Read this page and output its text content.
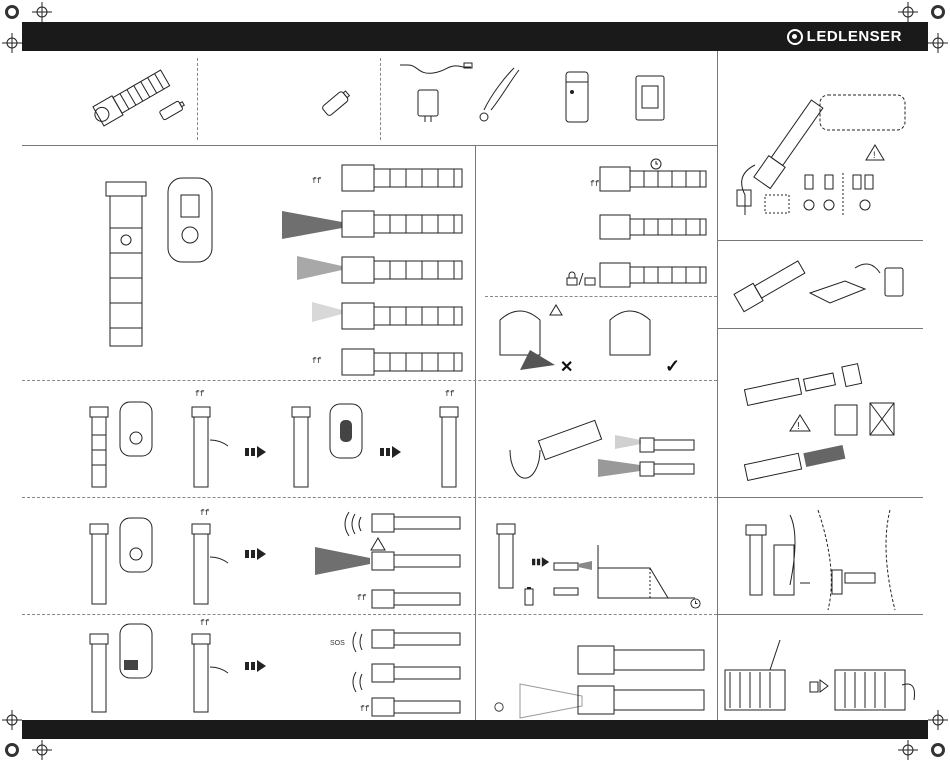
LEDLENSER
ff
ff
ff
✕	✓
ff	ff
ff
ff
ff
SOS
ff
!
!
